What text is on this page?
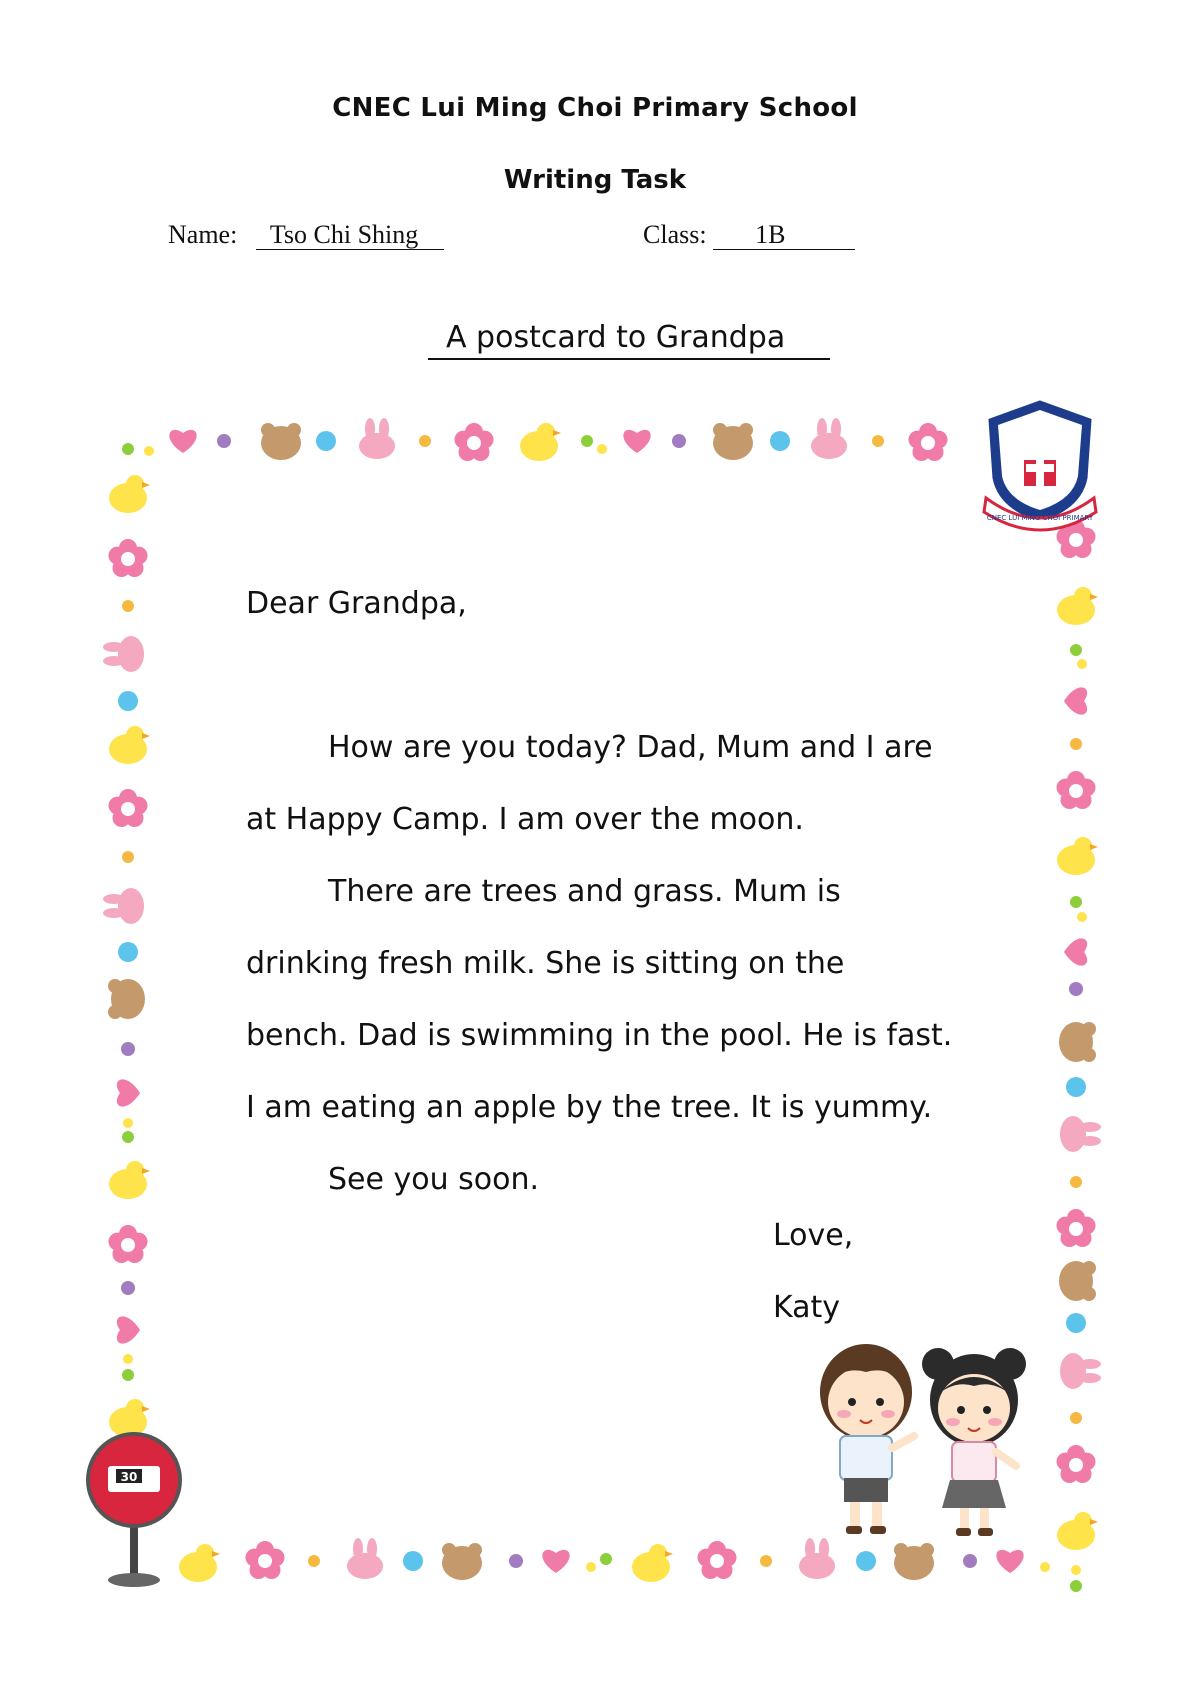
CNEC Lui Ming Choi Primary School
Writing Task
Name: Tso Chi Shing	Class: 1B
A postcard to Grandpa
CNEC LUI MING CHOI PRIMARY

Dear Grandpa,

How are you today? Dad, Mum and I are

at Happy Camp. I am over the moon.

There are trees and grass. Mum is

drinking fresh milk. She is sitting on the

bench. Dad is swimming in the pool. He is fast.

I am eating an apple by the tree. It is yummy.

See you soon.

Love,
Katy
30
